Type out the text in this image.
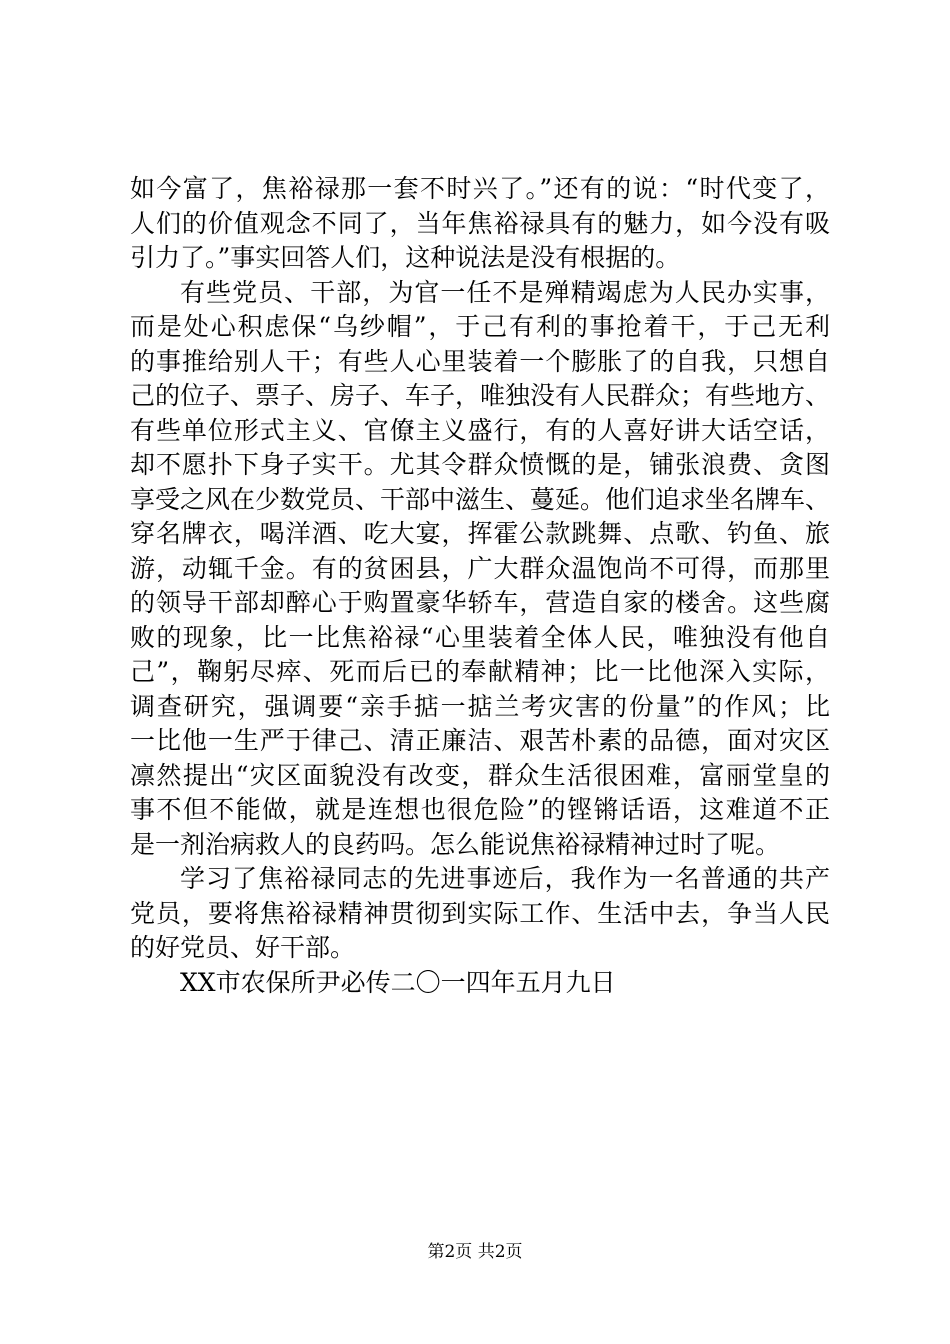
如今富了，焦裕禄那一套不时兴了。”还有的说：“时代变了，
人们的价值观念不同了，当年焦裕禄具有的魅力，如今没有吸
引力了。”事实回答人们，这种说法是没有根据的。
有些党员、干部，为官一任不是殚精竭虑为人民办实事，
而是处心积虑保“乌纱帽”，于己有利的事抢着干，于己无利
的事推给别人干；有些人心里装着一个膨胀了的自我，只想自
己的位子、票子、房子、车子，唯独没有人民群众；有些地方、
有些单位形式主义、官僚主义盛行，有的人喜好讲大话空话，
却不愿扑下身子实干。尤其令群众愤慨的是，铺张浪费、贪图
享受之风在少数党员、干部中滋生、蔓延。他们追求坐名牌车、
穿名牌衣，喝洋酒、吃大宴，挥霍公款跳舞、点歌、钓鱼、旅
游，动辄千金。有的贫困县，广大群众温饱尚不可得，而那里
的领导干部却醉心于购置豪华轿车，营造自家的楼舍。这些腐
败的现象，比一比焦裕禄“心里装着全体人民，唯独没有他自
己”，鞠躬尽瘁、死而后已的奉献精神；比一比他深入实际，
调查研究，强调要“亲手掂一掂兰考灾害的份量”的作风；比
一比他一生严于律己、清正廉洁、艰苦朴素的品德，面对灾区
凛然提出“灾区面貌没有改变，群众生活很困难，富丽堂皇的
事不但不能做，就是连想也很危险”的铿锵话语，这难道不正
是一剂治病救人的良药吗。怎么能说焦裕禄精神过时了呢。
学习了焦裕禄同志的先进事迹后，我作为一名普通的共产
党员，要将焦裕禄精神贯彻到实际工作、生活中去，争当人民
的好党员、好干部。
XX市农保所尹必传二〇一四年五月九日
第2页 共2页
